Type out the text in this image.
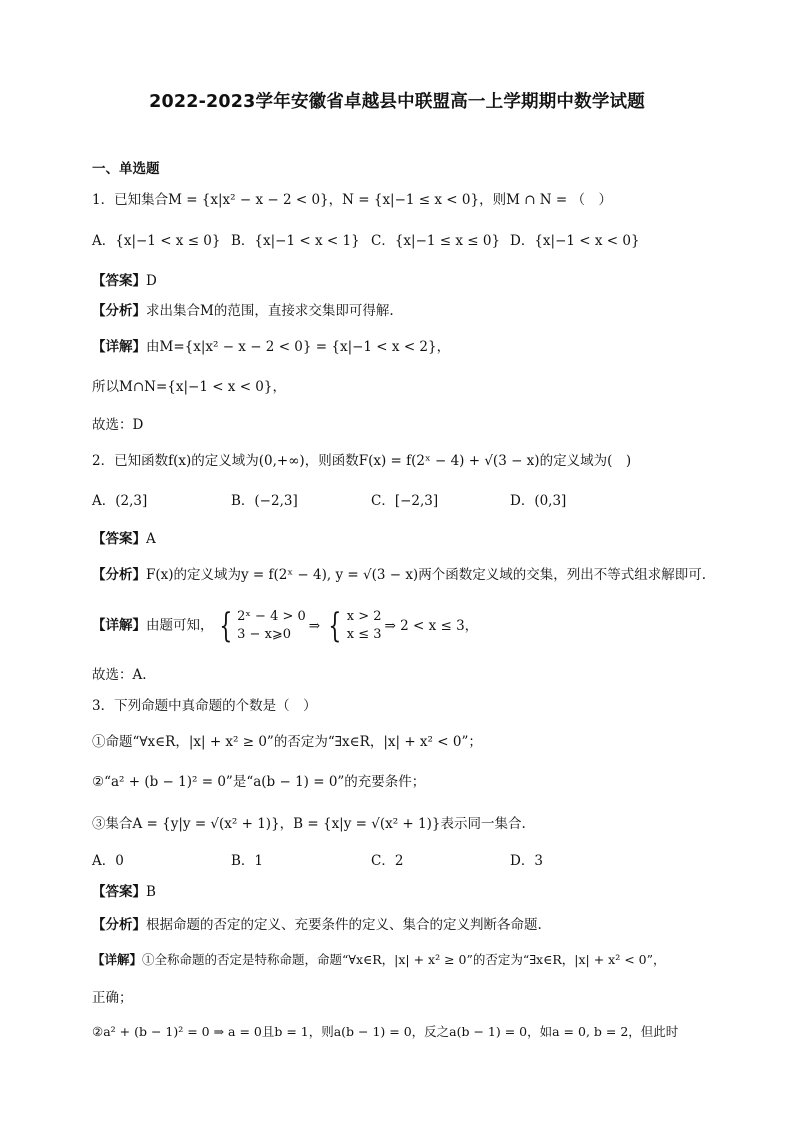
2022-2023学年安徽省卓越县中联盟高一上学期期中数学试题
一、单选题
1．已知集合M = {x|x² − x − 2 < 0}，N = {x|−1 ≤ x < 0}，则M ∩ N = （　）
A．{x|−1 < x ≤ 0} B．{x|−1 < x < 1} C．{x|−1 ≤ x ≤ 0} D．{x|−1 < x < 0}
【答案】D
【分析】求出集合M的范围，直接求交集即可得解.
【详解】由M={x|x² − x − 2 < 0} = {x|−1 < x < 2}，
所以M∩N={x|−1 < x < 0}，
故选：D
2．已知函数f(x)的定义域为(0,+∞)，则函数F(x) = f(2ˣ − 4) + √(3 − x)的定义域为(　)
A．(2,3]	B．(−2,3]	C．[−2,3]	D．(0,3]
【答案】A
【分析】F(x)的定义域为y = f(2ˣ − 4), y = √(3 − x)两个函数定义域的交集，列出不等式组求解即可.
【详解】由题可知， { 2ˣ − 4 > 0
3 − x⩾0
⇒ { x > 2
x ≤ 3
⇒ 2 < x ≤ 3，
故选：A.
3．下列命题中真命题的个数是（　）
①命题“∀x∈R，|x| + x² ≥ 0”的否定为“∃x∈R，|x| + x² < 0”；
②“a² + (b − 1)² = 0”是“a(b − 1) = 0”的充要条件；
③集合A = {y|y = √(x² + 1)}，B = {x|y = √(x² + 1)}表示同一集合.
A．0	B．1	C．2	D．3
【答案】B
【分析】根据命题的否定的定义、充要条件的定义、集合的定义判断各命题.
【详解】①全称命题的否定是特称命题，命题“∀x∈R，|x| + x² ≥ 0”的否定为“∃x∈R，|x| + x² < 0”，
正确；
②a² + (b − 1)² = 0 ⇒ a = 0且b = 1，则a(b − 1) = 0，反之a(b − 1) = 0，如a = 0, b = 2，但此时
